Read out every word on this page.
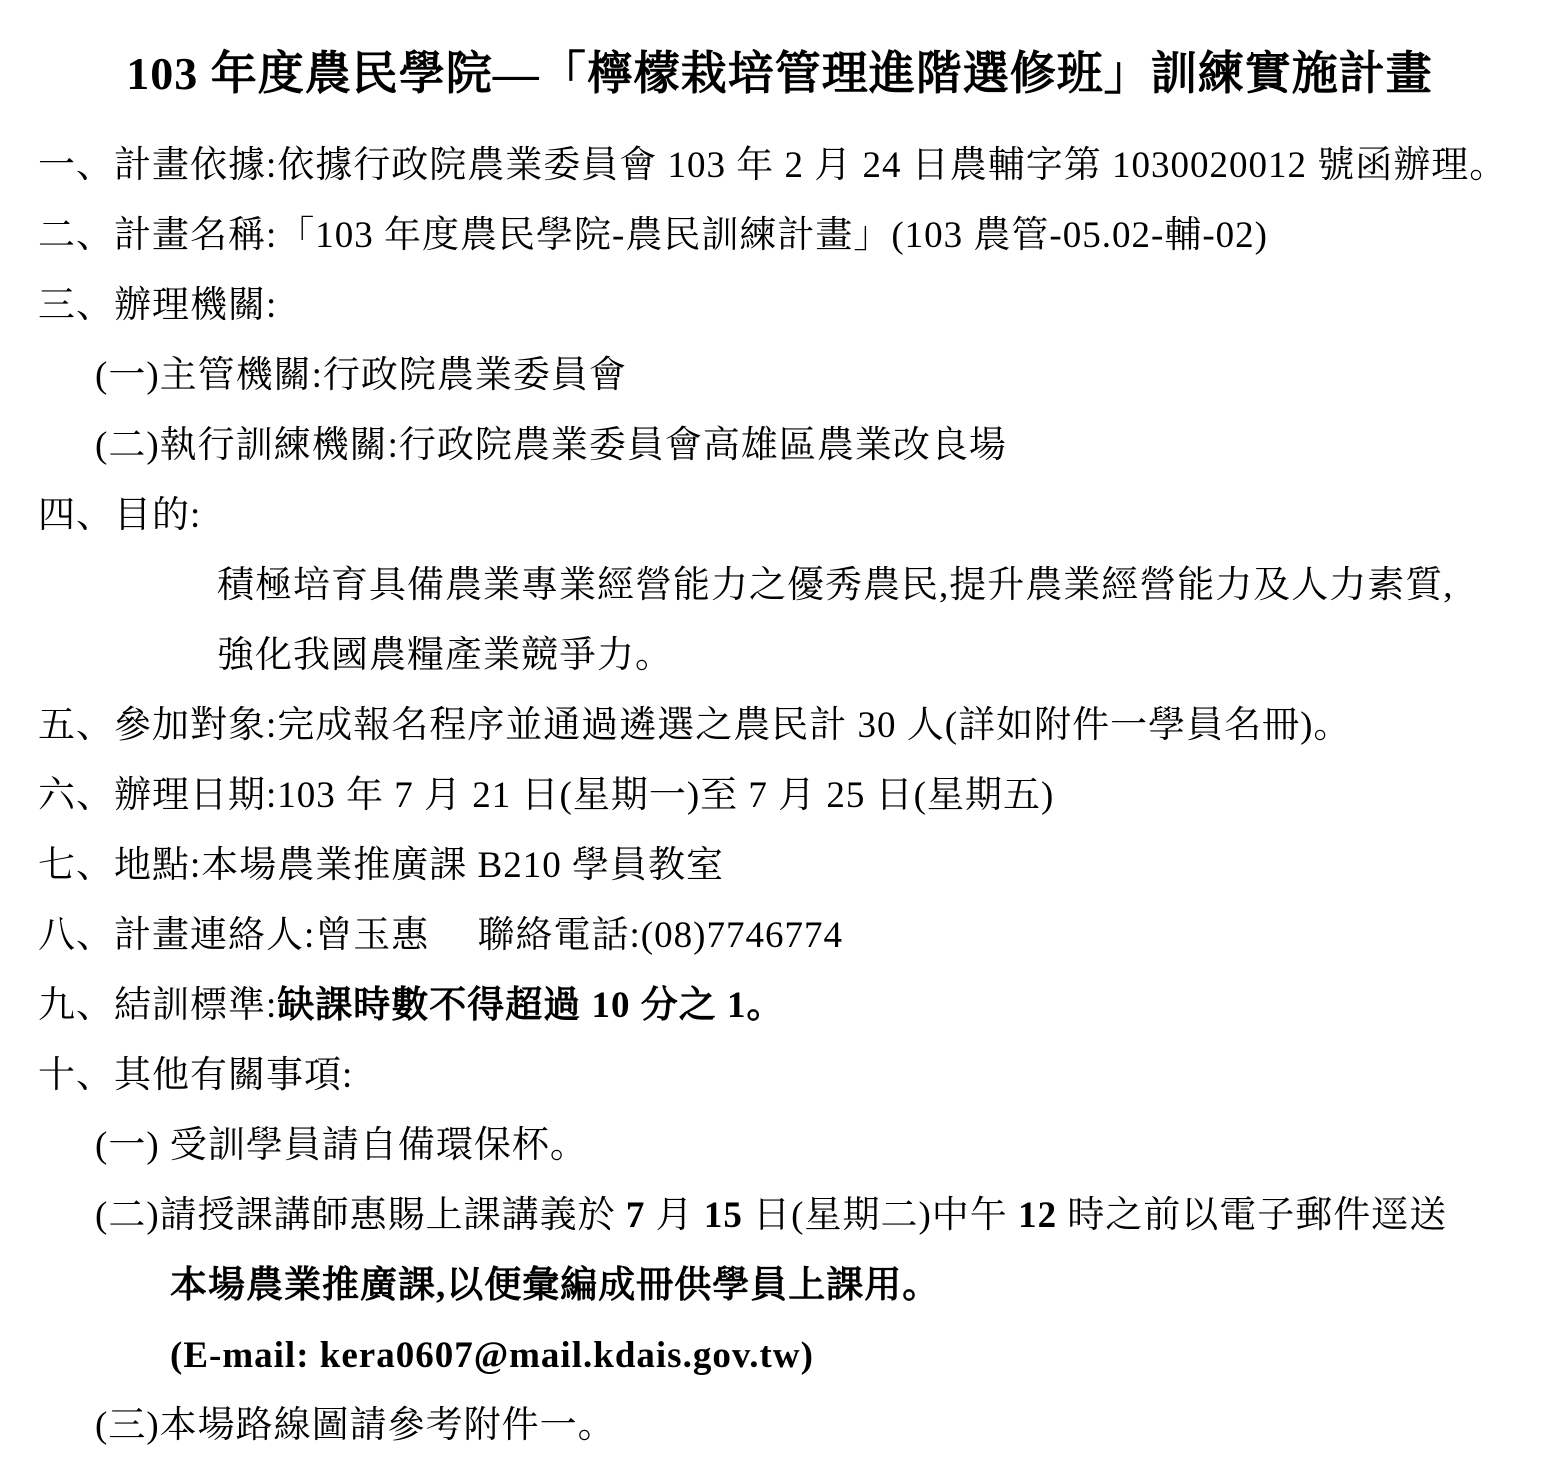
103 年度農民學院—「檸檬栽培管理進階選修班」訓練實施計畫
一、計畫依據:依據行政院農業委員會 103 年 2 月 24 日農輔字第 1030020012 號函辦理。
二、計畫名稱:「103 年度農民學院-農民訓練計畫」(103 農管-05.02-輔-02)
三、辦理機關:
(一)主管機關:行政院農業委員會
(二)執行訓練機關:行政院農業委員會高雄區農業改良場
四、目的:
積極培育具備農業專業經營能力之優秀農民,提升農業經營能力及人力素質,
強化我國農糧產業競爭力。
五、參加對象:完成報名程序並通過遴選之農民計 30 人(詳如附件一學員名冊)。
六、辦理日期:103 年 7 月 21 日(星期一)至 7 月 25 日(星期五)
七、地點:本場農業推廣課 B210 學員教室
八、計畫連絡人:曾玉惠　 聯絡電話:(08)7746774
九、結訓標準: 缺課時數不得超過 10 分之 1。
十、其他有關事項:
(一) 受訓學員請自備環保杯。
(二)請授課講師惠賜上課講義於 7 月 15 日(星期二)中午 12 時之前以電子郵件逕送
本場農業推廣課,以便彙編成冊供學員上課用。
(E-mail: kera0607@mail.kdais.gov.tw)
(三)本場路線圖請參考附件一。
